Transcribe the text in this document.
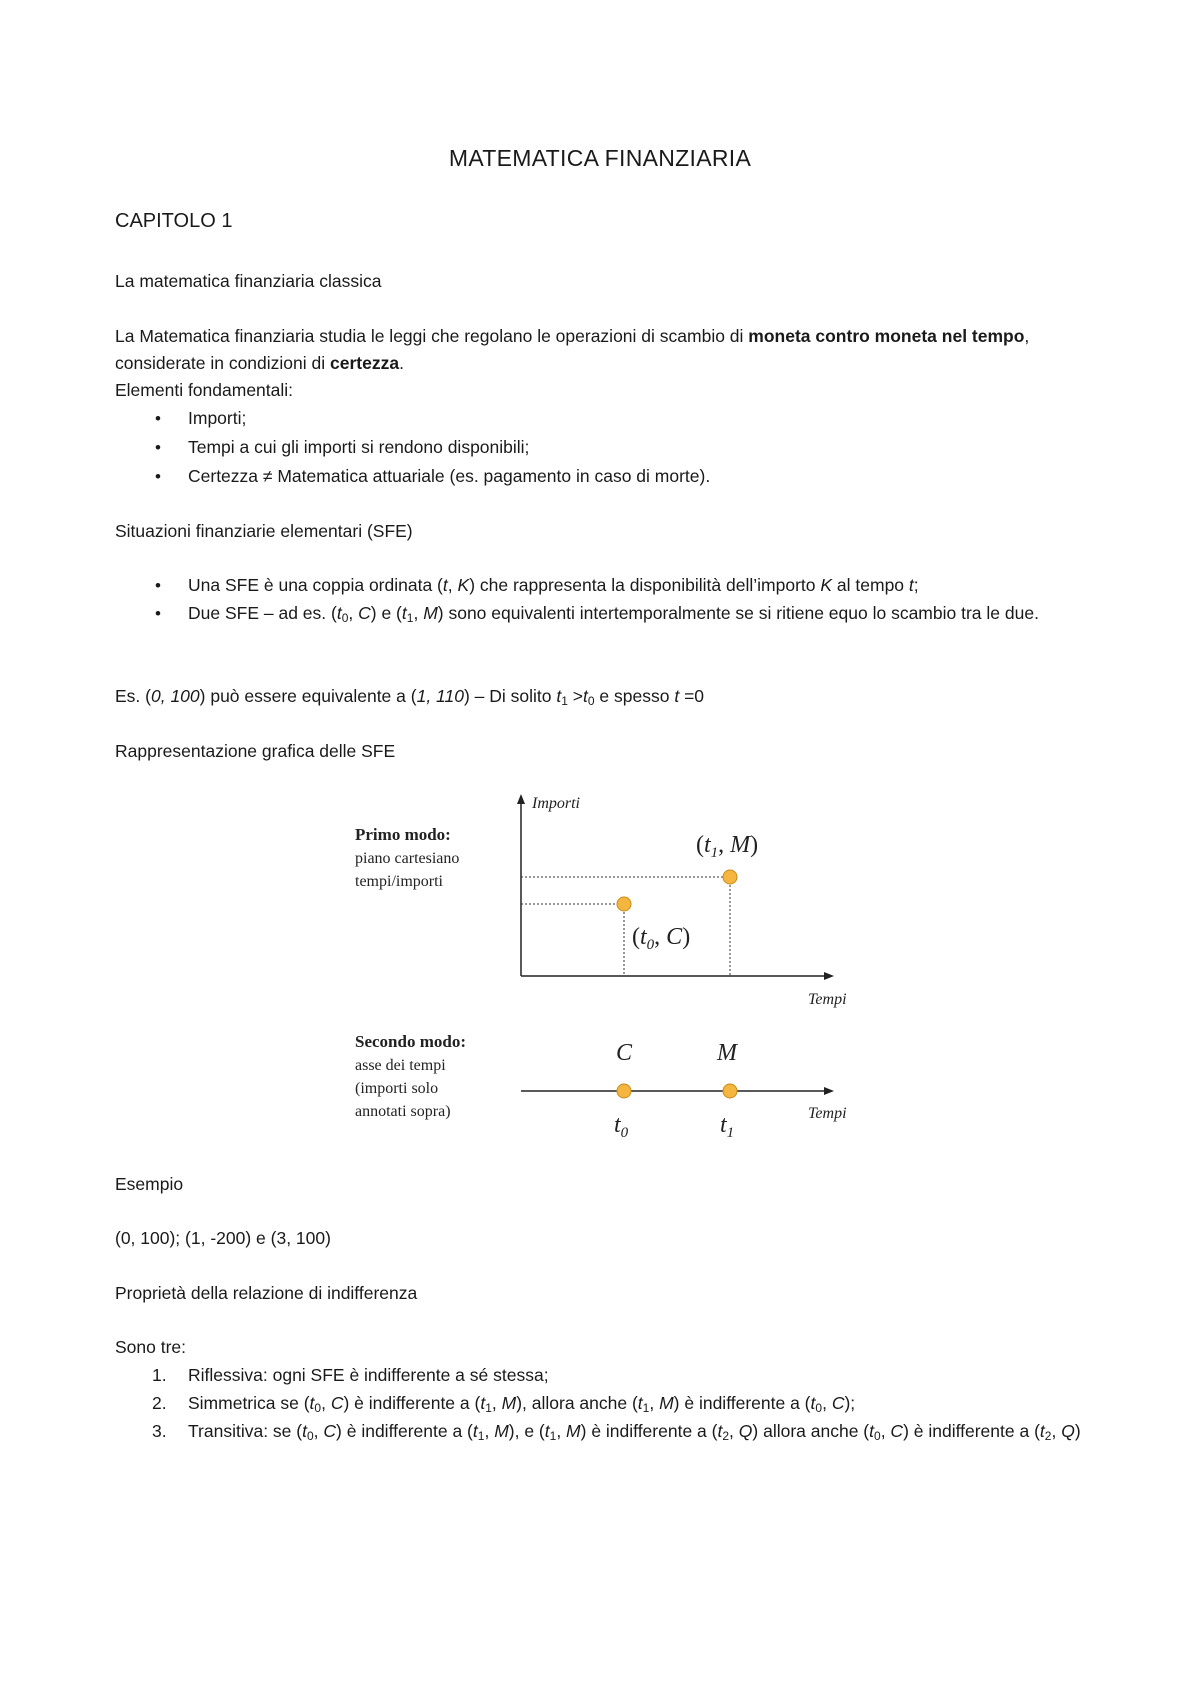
MATEMATICA FINANZIARIA
CAPITOLO 1
La matematica finanziaria classica
La Matematica finanziaria studia le leggi che regolano le operazioni di scambio di moneta contro moneta nel tempo, considerate in condizioni di certezza.
Elementi fondamentali:
• Importi;
• Tempi a cui gli importi si rendono disponibili;
• Certezza ≠ Matematica attuariale (es. pagamento in caso di morte).
Situazioni finanziarie elementari (SFE)
• Una SFE è una coppia ordinata (t, K) che rappresenta la disponibilità dell’importo K al tempo t;
• Due SFE – ad es. ($t_0$, C) e ($t_1$, M) sono equivalenti intertemporalmente se si ritiene equo lo scambio tra le due.
Es. (0, 100) può essere equivalente a (1, 110) – Di solito $t_1 >t_0$ e spesso t =0
Rappresentazione grafica delle SFE
Primo modo:
piano cartesiano
tempi/importi
Importi
Tempi
($t_0$, C)
($t_1$, M)
Secondo modo:
asse dei tempi
(importi solo
annotati sopra)
C	M
$t_0$	$t_1$
Tempi
Esempio
(0, 100); (1, -200) e (3, 100)
Proprietà della relazione di indifferenza
Sono tre:
1. Riflessiva: ogni SFE è indifferente a sé stessa;
2. Simmetrica se ($t_0$, C) è indifferente a ($t_1$, M), allora anche ($t_1$, M) è indifferente a ($t_0$, C);
3. Transitiva: se ($t_0$, C) è indifferente a ($t_1$, M), e ($t_1$, M) è indifferente a ($t_2$, Q) allora anche ($t_0$, C) è indifferente a ($t_2$, Q)
